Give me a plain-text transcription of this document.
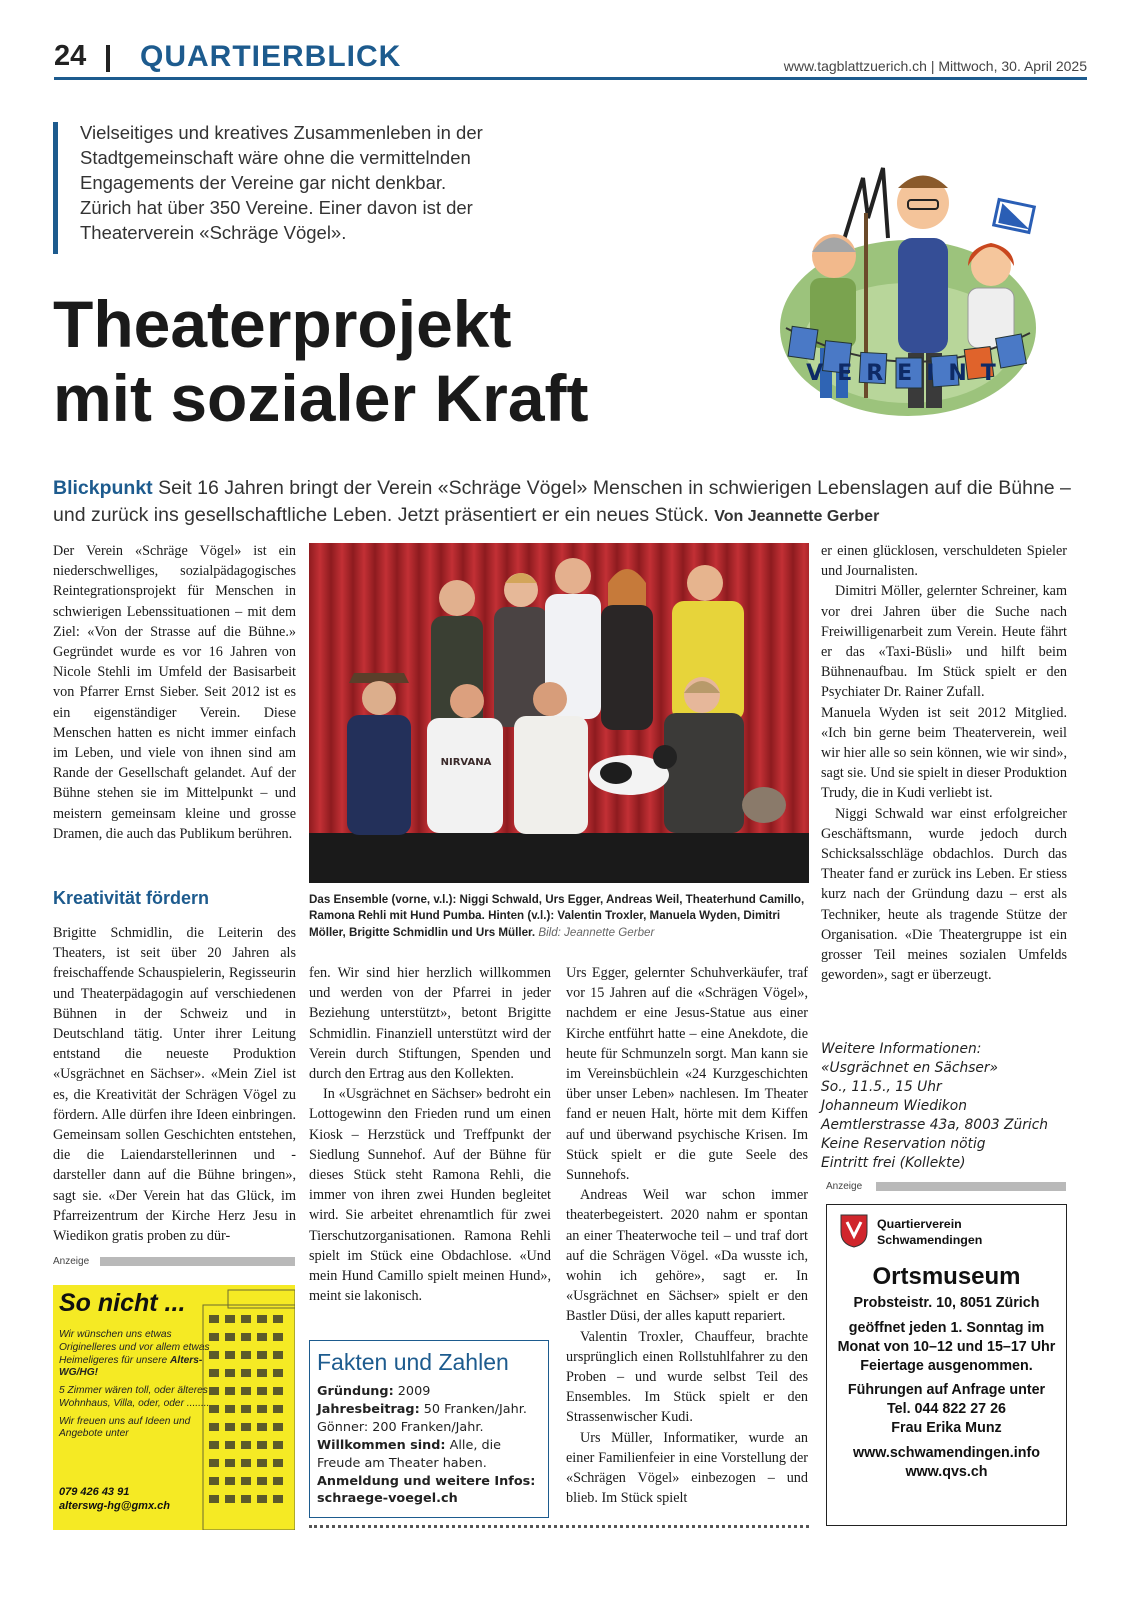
24 QUARTIERBLICK	www.tagblattzuerich.ch | Mittwoch, 30. April 2025
Vielseitiges und kreatives Zusammenleben in der
Stadtgemeinschaft wäre ohne die vermittelnden
Engagements der Vereine gar nicht denkbar.
Zürich hat über 350 Vereine. Einer davon ist der
Theaterverein «Schräge Vögel».
VEREINT
Theaterprojekt
mit sozialer Kraft
Blickpunkt Seit 16 Jahren bringt der Verein «Schräge Vögel» Menschen in schwierigen Lebenslagen auf die Bühne – und zurück ins gesellschaftliche Leben. Jetzt präsentiert er ein neues Stück. Von Jeannette Gerber

Der Verein «Schräge Vögel» ist ein niederschwelliges, sozialpädagogisches Reintegrationsprojekt für Menschen in schwierigen Lebenssituationen – mit dem Ziel: «Von der Strasse auf die Bühne.» Gegründet wurde es vor 16 Jahren von Nicole Stehli im Umfeld der Basisarbeit von Pfarrer Ernst Sieber. Seit 2012 ist es ein eigenständiger Verein. Diese Menschen hatten es nicht immer einfach im Leben, und viele von ihnen sind am Rande der Gesellschaft gelandet. Auf der Bühne stehen sie im Mittelpunkt – und meistern gemeinsam kleine und grosse Dramen, die auch das Publikum berühren.

Kreativität fördern

Brigitte Schmidlin, die Leiterin des Theaters, ist seit über 20 Jahren als freischaffende Schauspielerin, Regisseurin und Theaterpädagogin auf verschiedenen Bühnen in der Schweiz und in Deutschland tätig. Unter ihrer Leitung entstand die neueste Produktion «Usgrächnet en Sächser». «Mein Ziel ist es, die Kreativität der Schrägen Vögel zu fördern. Alle dürfen ihre Ideen einbringen. Gemeinsam sollen Geschichten entstehen, die die Laiendarstellerinnen und -darsteller dann auf die Bühne bringen», sagt sie. «Der Verein hat das Glück, im Pfarreizentrum der Kirche Herz Jesu in Wiedikon gratis proben zu dür-

NIRVANA
Das Ensemble (vorne, v.l.): Niggi Schwald, Urs Egger, Andreas Weil, Theaterhund Camillo, Ramona Rehli mit Hund Pumba. Hinten (v.l.): Valentin Troxler, Manuela Wyden, Dimitri Möller, Brigitte Schmidlin und Urs Müller. Bild: Jeannette Gerber

fen. Wir sind hier herzlich willkommen und werden von der Pfarrei in jeder Beziehung unterstützt», betont Brigitte Schmidlin. Finanziell unterstützt wird der Verein durch Stiftungen, Spenden und durch den Ertrag aus den Kollekten.

In «Usgrächnet en Sächser» bedroht ein Lottogewinn den Frieden rund um einen Kiosk – Herzstück und Treffpunkt der Siedlung Sunnehof. Auf der Bühne für dieses Stück steht Ramona Rehli, die immer von ihren zwei Hunden begleitet wird. Sie arbeitet ehrenamtlich für zwei Tierschutzorganisationen. Ramona Rehli spielt im Stück eine Obdachlose. «Und mein Hund Camillo spielt meinen Hund», meint sie lakonisch.

Urs Egger, gelernter Schuhverkäufer, traf vor 15 Jahren auf die «Schrägen Vögel», nachdem er eine Jesus-Statue aus einer Kirche entführt hatte – eine Anekdote, die heute für Schmunzeln sorgt. Man kann sie im Vereinsbüchlein «24 Kurzgeschichten über unser Leben» nachlesen. Im Theater fand er neuen Halt, hörte mit dem Kiffen auf und überwand psychische Krisen. Im Stück spielt er die gute Seele des Sunnehofs.

Andreas Weil war schon immer theaterbegeistert. 2020 nahm er spontan an einer Theaterwoche teil – und traf dort auf die Schrägen Vögel. «Da wusste ich, wohin ich gehöre», sagt er. In «Usgrächnet en Sächser» spielt er den Bastler Düsi, der alles kaputt repariert.

Valentin Troxler, Chauffeur, brachte ursprünglich einen Rollstuhlfahrer zu den Proben – und wurde selbst Teil des Ensembles. Im Stück spielt er den Strassenwischer Kudi.

Urs Müller, Informatiker, wurde an einer Familienfeier in eine Vorstellung der «Schrägen Vögel» einbezogen – und blieb. Im Stück spielt

er einen glücklosen, verschuldeten Spieler und Journalisten.

Dimitri Möller, gelernter Schreiner, kam vor drei Jahren über die Suche nach Freiwilligenarbeit zum Verein. Heute fährt er das «Taxi-Büsli» und hilft beim Bühnenaufbau. Im Stück spielt er den Psychiater Dr. Rainer Zufall.

Manuela Wyden ist seit 2012 Mitglied. «Ich bin gerne beim Theaterverein, weil wir hier alle so sein können, wie wir sind», sagt sie. Und sie spielt in dieser Produktion Trudy, die in Kudi verliebt ist.

Niggi Schwald war einst erfolgreicher Geschäftsmann, wurde jedoch durch Schicksalsschläge obdachlos. Durch das Theater fand er zurück ins Leben. Er stiess kurz nach der Gründung dazu – erst als Techniker, heute als tragende Stütze der Organisation. «Die Theatergruppe ist ein grosser Teil meines sozialen Umfelds geworden», sagt er überzeugt.

Weitere Informationen:
«Usgrächnet en Sächser»
So., 11.5., 15 Uhr
Johanneum Wiedikon
Aemtlerstrasse 43a, 8003 Zürich
Keine Reservation nötig
Eintritt frei (Kollekte)
Anzeige
Anzeige
So nicht ...

Wir wünschen uns etwas Originelleres und vor allem etwas Heimeligeres für unsere Alters-WG/HG!

5 Zimmer wären toll, oder älteres Wohnhaus, Villa, oder, oder ........

Wir freuen uns auf Ideen und Angebote unter

079 426 43 91
alterswg-hg@gmx.ch
Fakten und Zahlen
Gründung: 2009
Jahresbeitrag: 50 Franken/Jahr.
Gönner: 200 Franken/Jahr.
Willkommen sind: Alle, die Freude am Theater haben.
Anmeldung und weitere Infos:
schraege-voegel.ch
Quartierverein
Schwamendingen
Ortsmuseum
Probsteistr. 10, 8051 Zürich
geöffnet jeden 1. Sonntag im Monat von 10–12 und 15–17 Uhr Feiertage ausgenommen.
Führungen auf Anfrage unter
Tel. 044 822 27 26
Frau Erika Munz
www.schwamendingen.info
www.qvs.ch
